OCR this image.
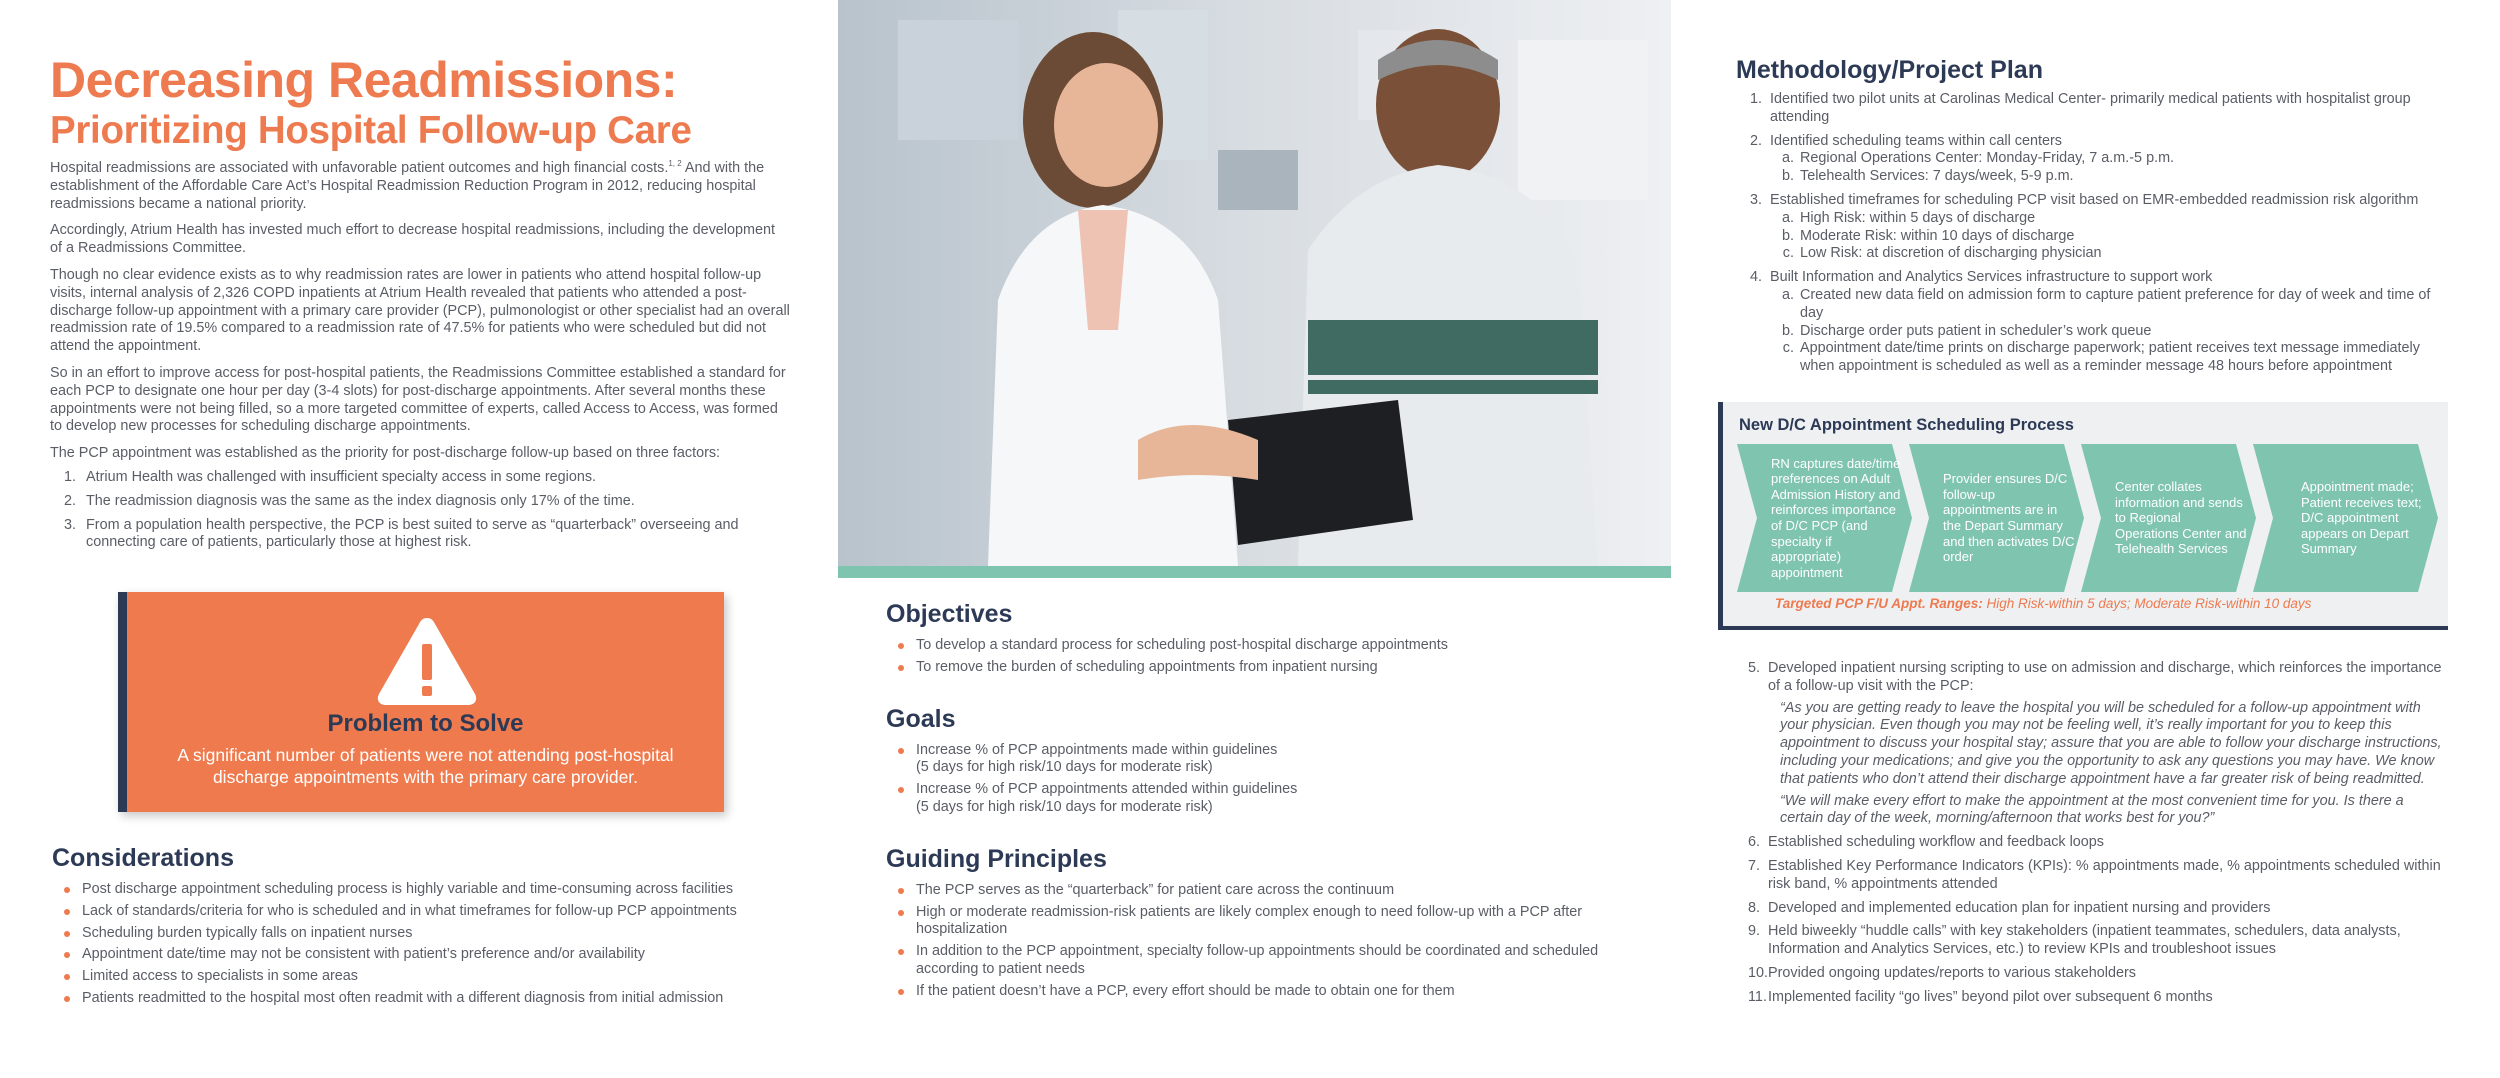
Decreasing Readmissions:
Prioritizing Hospital Follow-up Care

Hospital readmissions are associated with unfavorable patient outcomes and high financial costs.$^{1, 2}$ And with the establishment of the Affordable Care Act’s Hospital Readmission Reduction Program in 2012, reducing hospital readmissions became a national priority.

Accordingly, Atrium Health has invested much effort to decrease hospital readmissions, including the development of a Readmissions Committee.

Though no clear evidence exists as to why readmission rates are lower in patients who attend hospital follow-up visits, internal analysis of 2,326 COPD inpatients at Atrium Health revealed that patients who attended a post-discharge follow-up appointment with a primary care provider (PCP), pulmonologist or other specialist had an overall readmission rate of 19.5% compared to a readmission rate of 47.5% for patients who were scheduled but did not attend the appointment.

So in an effort to improve access for post-hospital patients, the Readmissions Committee established a standard for each PCP to designate one hour per day (3-4 slots) for post-discharge appointments. After several months these appointments were not being filled, so a more targeted committee of experts, called Access to Access, was formed to develop new processes for scheduling discharge appointments.

The PCP appointment was established as the priority for post-discharge follow-up based on three factors:

1. Atrium Health was challenged with insufficient specialty access in some regions.
2. The readmission diagnosis was the same as the index diagnosis only 17% of the time.
3. From a population health perspective, the PCP is best suited to serve as “quarterback” overseeing and connecting care of patients, particularly those at highest risk.
Problem to Solve
A significant number of patients were not attending post-hospital discharge appointments with the primary care provider.
Considerations
Post discharge appointment scheduling process is highly variable and time-consuming across facilities
Lack of standards/criteria for who is scheduled and in what timeframes for follow-up PCP appointments
Scheduling burden typically falls on inpatient nurses
Appointment date/time may not be consistent with patient’s preference and/or availability
Limited access to specialists in some areas
Patients readmitted to the hospital most often readmit with a different diagnosis from initial admission
Objectives
To develop a standard process for scheduling post-hospital discharge appointments
To remove the burden of scheduling appointments from inpatient nursing
Goals
Increase % of PCP appointments made within guidelines
(5 days for high risk/10 days for moderate risk)
Increase % of PCP appointments attended within guidelines
(5 days for high risk/10 days for moderate risk)
Guiding Principles
The PCP serves as the “quarterback” for patient care across the continuum
High or moderate readmission-risk patients are likely complex enough to need follow-up with a PCP after hospitalization
In addition to the PCP appointment, specialty follow-up appointments should be coordinated and scheduled according to patient needs
If the patient doesn’t have a PCP, every effort should be made to obtain one for them
Methodology/Project Plan
1. Identified two pilot units at Carolinas Medical Center- primarily medical patients with hospitalist group attending
2. Identified scheduling teams within call centers
a. Regional Operations Center: Monday-Friday, 7 a.m.-5 p.m.
b. Telehealth Services: 7 days/week, 5-9 p.m.
3. Established timeframes for scheduling PCP visit based on EMR-embedded readmission risk algorithm
a. High Risk: within 5 days of discharge
b. Moderate Risk: within 10 days of discharge
c. Low Risk: at discretion of discharging physician
4. Built Information and Analytics Services infrastructure to support work
a. Created new data field on admission form to capture patient preference for day of week and time of day
b. Discharge order puts patient in scheduler’s work queue
c. Appointment date/time prints on discharge paperwork; patient receives text message immediately when appointment is scheduled as well as a reminder message 48 hours before appointment
New D/C Appointment Scheduling Process
RN captures date/time preferences on Adult Admission History and reinforces importance of D/C PCP (and specialty if appropriate) appointment
Provider ensures D/C follow-up appointments are in the Depart Summary and then activates D/C order
Center collates information and sends to Regional Operations Center and Telehealth Services
Appointment made; Patient receives text; D/C appointment appears on Depart Summary
Targeted PCP F/U Appt. Ranges: High Risk-within 5 days; Moderate Risk-within 10 days
5. Developed inpatient nursing scripting to use on admission and discharge, which reinforces the importance of a follow-up visit with the PCP:
“As you are getting ready to leave the hospital you will be scheduled for a follow-up appointment with your physician. Even though you may not be feeling well, it’s really important for you to keep this appointment to discuss your hospital stay; assure that you are able to follow your discharge instructions, including your medications; and give you the opportunity to ask any questions you may have. We know that patients who don’t attend their discharge appointment have a far greater risk of being readmitted.
“We will make every effort to make the appointment at the most convenient time for you. Is there a certain day of the week, morning/afternoon that works best for you?”
6. Established scheduling workflow and feedback loops
7. Established Key Performance Indicators (KPIs): % appointments made, % appointments scheduled within risk band, % appointments attended
8. Developed and implemented education plan for inpatient nursing and providers
9. Held biweekly “huddle calls” with key stakeholders (inpatient teammates, schedulers, data analysts, Information and Analytics Services, etc.) to review KPIs and troubleshoot issues
10. Provided ongoing updates/reports to various stakeholders
11. Implemented facility “go lives” beyond pilot over subsequent 6 months
